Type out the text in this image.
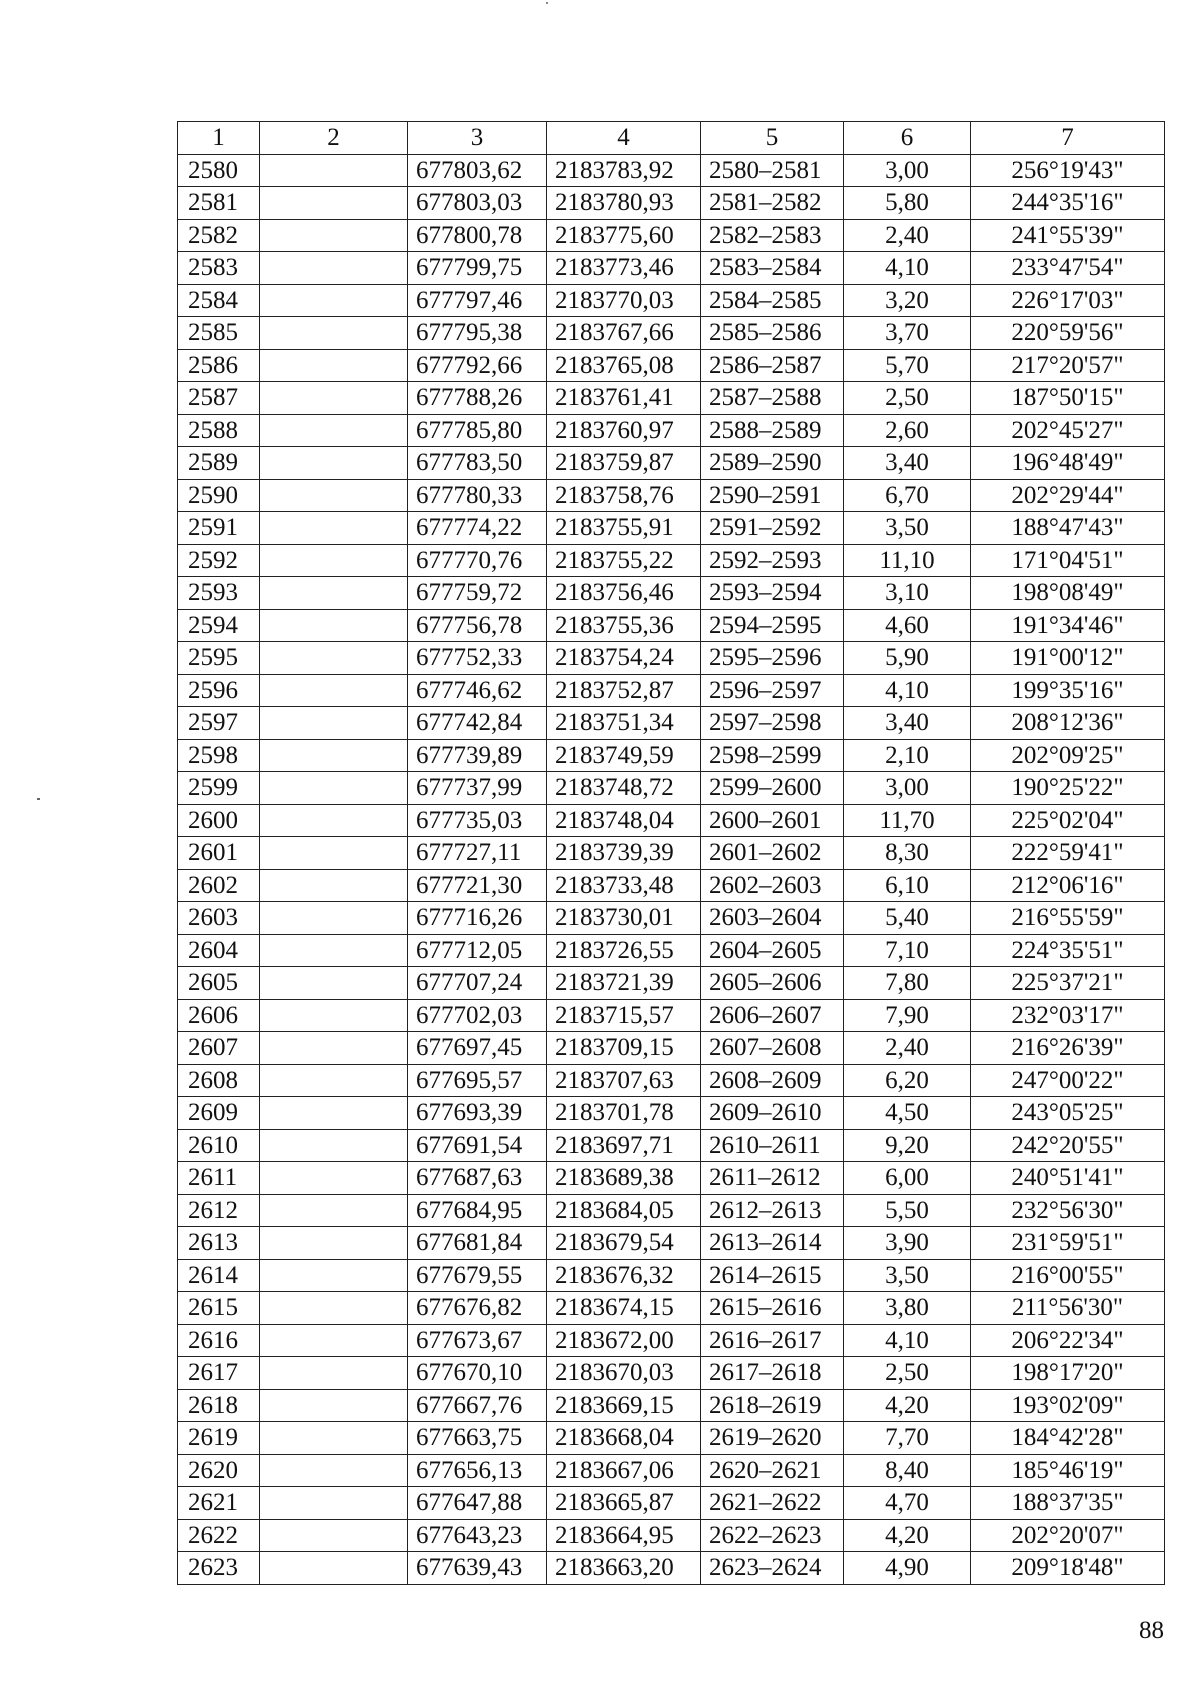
1	2	3	4	5	6	7
2580		677803,62	2183783,92	2580–2581	3,00	256°19'43"
2581		677803,03	2183780,93	2581–2582	5,80	244°35'16"
2582		677800,78	2183775,60	2582–2583	2,40	241°55'39"
2583		677799,75	2183773,46	2583–2584	4,10	233°47'54"
2584		677797,46	2183770,03	2584–2585	3,20	226°17'03"
2585		677795,38	2183767,66	2585–2586	3,70	220°59'56"
2586		677792,66	2183765,08	2586–2587	5,70	217°20'57"
2587		677788,26	2183761,41	2587–2588	2,50	187°50'15"
2588		677785,80	2183760,97	2588–2589	2,60	202°45'27"
2589		677783,50	2183759,87	2589–2590	3,40	196°48'49"
2590		677780,33	2183758,76	2590–2591	6,70	202°29'44"
2591		677774,22	2183755,91	2591–2592	3,50	188°47'43"
2592		677770,76	2183755,22	2592–2593	11,10	171°04'51"
2593		677759,72	2183756,46	2593–2594	3,10	198°08'49"
2594		677756,78	2183755,36	2594–2595	4,60	191°34'46"
2595		677752,33	2183754,24	2595–2596	5,90	191°00'12"
2596		677746,62	2183752,87	2596–2597	4,10	199°35'16"
2597		677742,84	2183751,34	2597–2598	3,40	208°12'36"
2598		677739,89	2183749,59	2598–2599	2,10	202°09'25"
2599		677737,99	2183748,72	2599–2600	3,00	190°25'22"
2600		677735,03	2183748,04	2600–2601	11,70	225°02'04"
2601		677727,11	2183739,39	2601–2602	8,30	222°59'41"
2602		677721,30	2183733,48	2602–2603	6,10	212°06'16"
2603		677716,26	2183730,01	2603–2604	5,40	216°55'59"
2604		677712,05	2183726,55	2604–2605	7,10	224°35'51"
2605		677707,24	2183721,39	2605–2606	7,80	225°37'21"
2606		677702,03	2183715,57	2606–2607	7,90	232°03'17"
2607		677697,45	2183709,15	2607–2608	2,40	216°26'39"
2608		677695,57	2183707,63	2608–2609	6,20	247°00'22"
2609		677693,39	2183701,78	2609–2610	4,50	243°05'25"
2610		677691,54	2183697,71	2610–2611	9,20	242°20'55"
2611		677687,63	2183689,38	2611–2612	6,00	240°51'41"
2612		677684,95	2183684,05	2612–2613	5,50	232°56'30"
2613		677681,84	2183679,54	2613–2614	3,90	231°59'51"
2614		677679,55	2183676,32	2614–2615	3,50	216°00'55"
2615		677676,82	2183674,15	2615–2616	3,80	211°56'30"
2616		677673,67	2183672,00	2616–2617	4,10	206°22'34"
2617		677670,10	2183670,03	2617–2618	2,50	198°17'20"
2618		677667,76	2183669,15	2618–2619	4,20	193°02'09"
2619		677663,75	2183668,04	2619–2620	7,70	184°42'28"
2620		677656,13	2183667,06	2620–2621	8,40	185°46'19"
2621		677647,88	2183665,87	2621–2622	4,70	188°37'35"
2622		677643,23	2183664,95	2622–2623	4,20	202°20'07"
2623		677639,43	2183663,20	2623–2624	4,90	209°18'48"
88
